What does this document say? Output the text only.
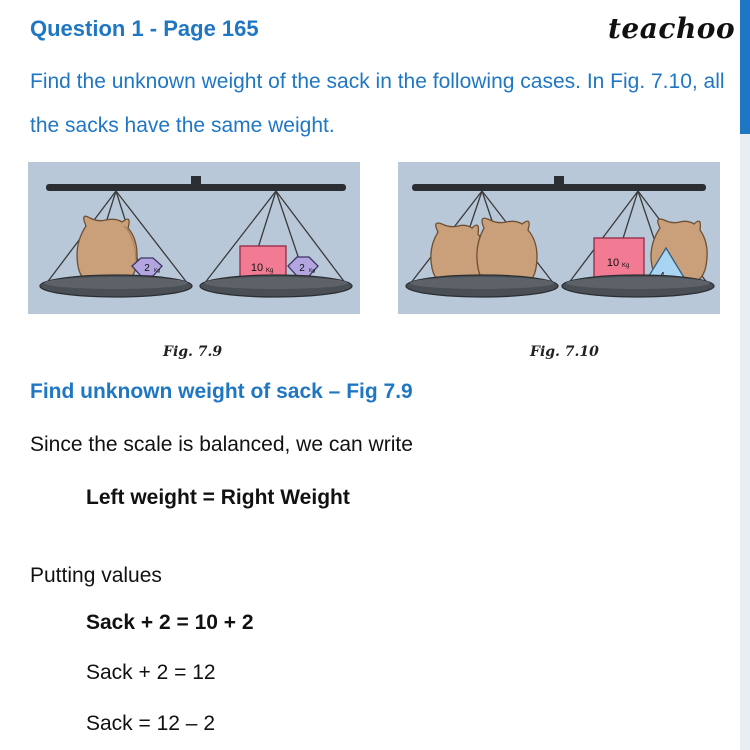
Question 1 - Page 165	teachoo
Find the unknown weight of the sack in the following cases. In Fig. 7.10, all the sacks have the same weight.
2 Kg	10 Kg	2 Kg
Fig. 7.9
10 Kg
Fig. 7.10
Find unknown weight of sack – Fig 7.9
Since the scale is balanced, we can write
Left weight = Right Weight
Putting values
Sack + 2 = 10 + 2
Sack + 2 = 12
Sack = 12 – 2
